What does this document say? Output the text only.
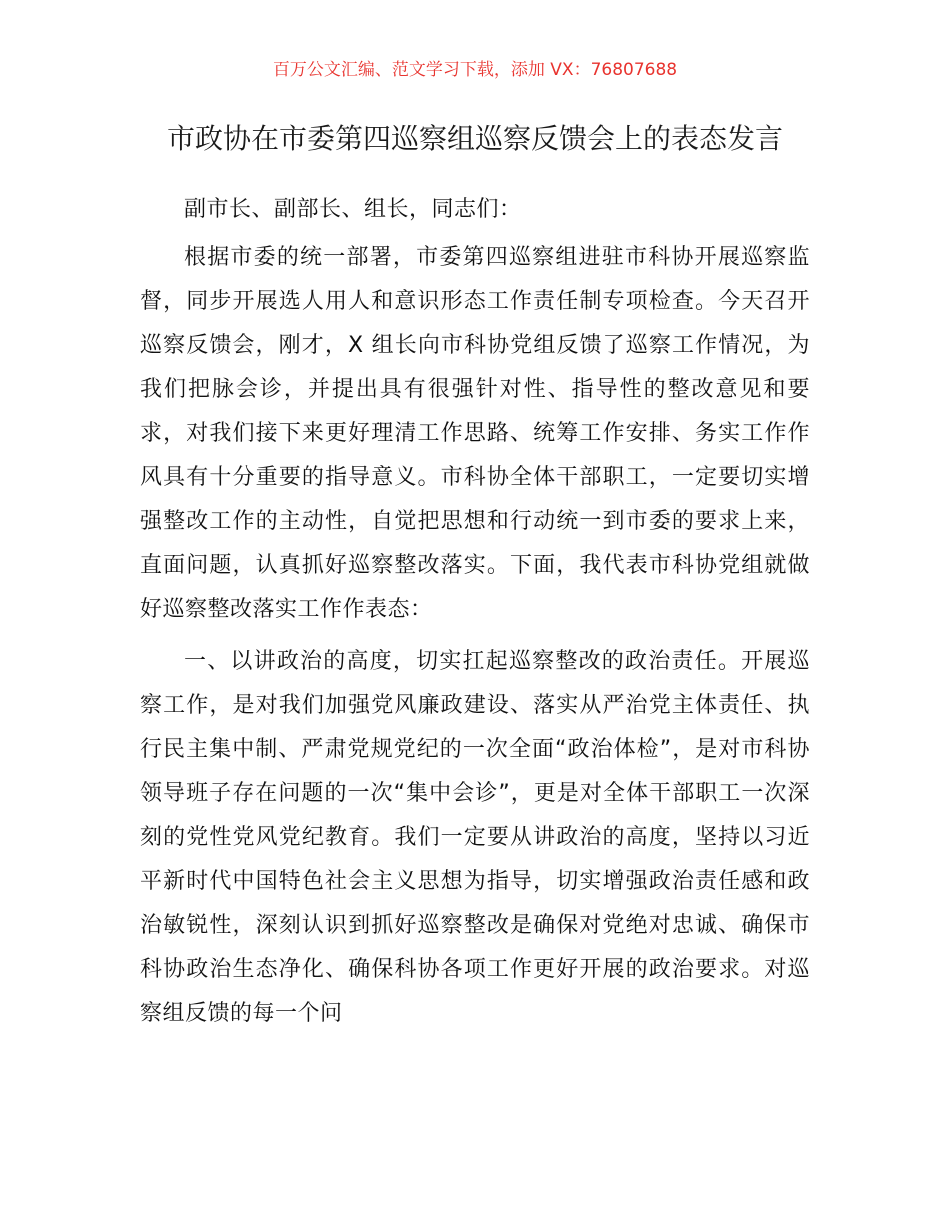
百万公文汇编、范文学习下载，添加 VX：76807688
市政协在市委第四巡察组巡察反馈会上的表态发言

副市长、副部长、组长，同志们：

根据市委的统一部署，市委第四巡察组进驻市科协开展巡察监督，同步开展选人用人和意识形态工作责任制专项检查。今天召开巡察反馈会，刚才，X 组长向市科协党组反馈了巡察工作情况，为我们把脉会诊，并提出具有很强针对性、指导性的整改意见和要求，对我们接下来更好理清工作思路、统筹工作安排、务实工作作风具有十分重要的指导意义。市科协全体干部职工，一定要切实增强整改工作的主动性，自觉把思想和行动统一到市委的要求上来，直面问题，认真抓好巡察整改落实。下面，我代表市科协党组就做好巡察整改落实工作作表态：

一、以讲政治的高度，切实扛起巡察整改的政治责任。开展巡察工作，是对我们加强党风廉政建设、落实从严治党主体责任、执行民主集中制、严肃党规党纪的一次全面“政治体检”，是对市科协领导班子存在问题的一次“集中会诊”，更是对全体干部职工一次深刻的党性党风党纪教育。我们一定要从讲政治的高度，坚持以习近平新时代中国特色社会主义思想为指导，切实增强政治责任感和政治敏锐性，深刻认识到抓好巡察整改是确保对党绝对忠诚、确保市科协政治生态净化、确保科协各项工作更好开展的政治要求。对巡察组反馈的每一个问
